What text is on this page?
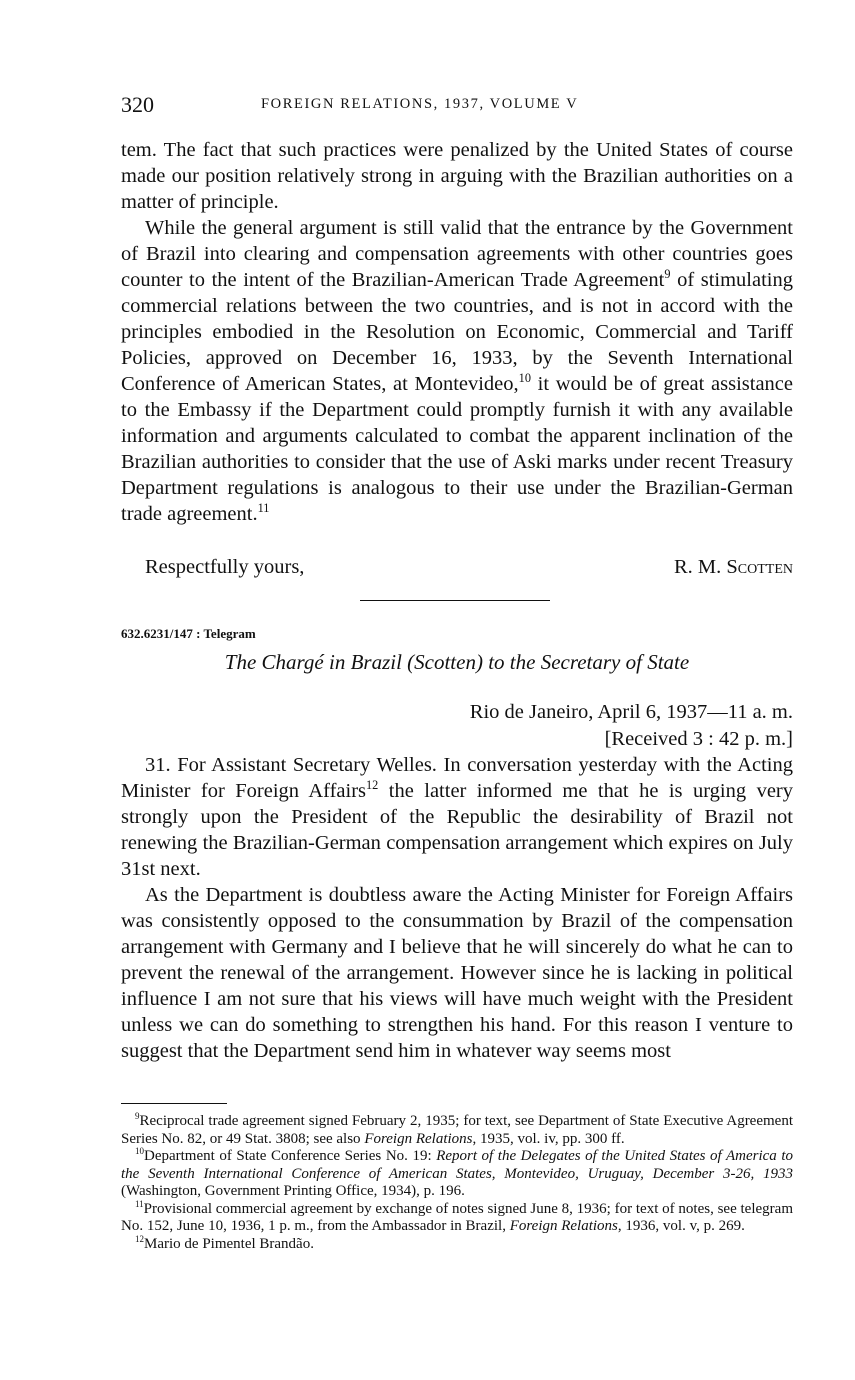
320	FOREIGN RELATIONS, 1937, VOLUME V

tem. The fact that such practices were penalized by the United States of course made our position relatively strong in arguing with the Brazilian authorities on a matter of principle.

While the general argument is still valid that the entrance by the Government of Brazil into clearing and compensation agreements with other countries goes counter to the intent of the Brazilian-American Trade Agreement$^9$ of stimulating commercial relations between the two countries, and is not in accord with the principles embodied in the Resolution on Economic, Commercial and Tariff Policies, approved on December 16, 1933, by the Seventh International Conference of American States, at Montevideo,$^{10}$ it would be of great assistance to the Embassy if the Department could promptly furnish it with any available information and arguments calculated to combat the apparent inclination of the Brazilian authorities to consider that the use of Aski marks under recent Treasury Department regulations is analogous to their use under the Brazilian-German trade agreement.$^{11}$

Respectfully yours,	R. M. Scotten
632.6231/147 : Telegram
The Chargé in Brazil (Scotten) to the Secretary of State
Rio de Janeiro, April 6, 1937—11 a. m.
[Received 3 : 42 p. m.]

31. For Assistant Secretary Welles. In conversation yesterday with the Acting Minister for Foreign Affairs$^{12}$ the latter informed me that he is urging very strongly upon the President of the Republic the desirability of Brazil not renewing the Brazilian-German compensation arrangement which expires on July 31st next.

As the Department is doubtless aware the Acting Minister for Foreign Affairs was consistently opposed to the consummation by Brazil of the compensation arrangement with Germany and I believe that he will sincerely do what he can to prevent the renewal of the arrangement. However since he is lacking in political influence I am not sure that his views will have much weight with the President unless we can do something to strengthen his hand. For this reason I venture to suggest that the Department send him in whatever way seems most

$^9$Reciprocal trade agreement signed February 2, 1935; for text, see Department of State Executive Agreement Series No. 82, or 49 Stat. 3808; see also Foreign Relations, 1935, vol. iv, pp. 300 ff.

$^{10}$Department of State Conference Series No. 19: Report of the Delegates of the United States of America to the Seventh International Conference of American States, Montevideo, Uruguay, December 3-26, 1933 (Washington, Government Printing Office, 1934), p. 196.

$^{11}$Provisional commercial agreement by exchange of notes signed June 8, 1936; for text of notes, see telegram No. 152, June 10, 1936, 1 p. m., from the Ambassador in Brazil, Foreign Relations, 1936, vol. v, p. 269.

$^{12}$Mario de Pimentel Brandão.
